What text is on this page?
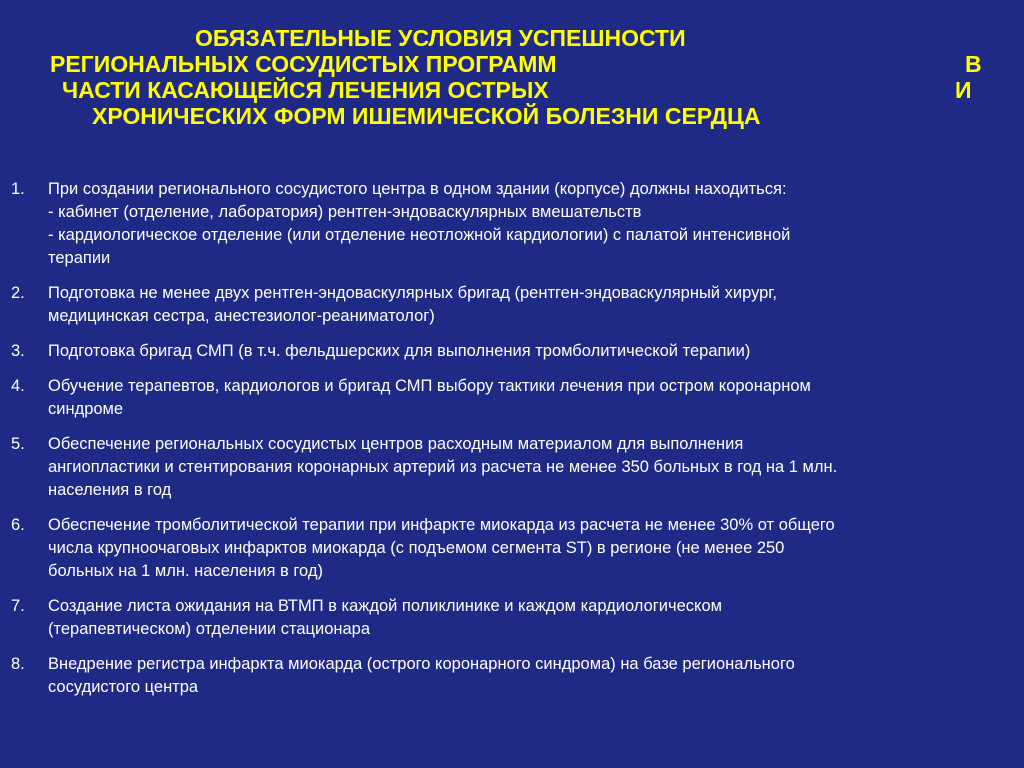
ОБЯЗАТЕЛЬНЫЕ УСЛОВИЯ УСПЕШНОСТИ
РЕГИОНАЛЬНЫХ СОСУДИСТЫХ ПРОГРАММ	В
ЧАСТИ КАСАЮЩЕЙСЯ ЛЕЧЕНИЯ ОСТРЫХ	И
ХРОНИЧЕСКИХ ФОРМ ИШЕМИЧЕСКОЙ БОЛЕЗНИ СЕРДЦА
1. При создании регионального сосудистого центра в одном здании (корпусе) должны находиться:
- кабинет (отделение, лаборатория) рентген-эндоваскулярных вмешательств
- кардиологическое отделение (или отделение неотложной кардиологии) с палатой интенсивной
терапии
2. Подготовка не менее двух рентген-эндоваскулярных бригад (рентген-эндоваскулярный хирург,
медицинская сестра, анестезиолог-реаниматолог)
3. Подготовка бригад СМП (в т.ч. фельдшерских для выполнения тромболитической терапии)
4. Обучение терапевтов, кардиологов и бригад СМП выбору тактики лечения при остром коронарном
синдроме
5. Обеспечение региональных сосудистых центров расходным материалом для выполнения
ангиопластики и стентирования коронарных артерий из расчета не менее 350 больных в год на 1 млн.
населения в год
6. Обеспечение тромболитической терапии при инфаркте миокарда из расчета не менее 30% от общего
числа крупноочаговых инфарктов миокарда (с подъемом сегмента ST) в регионе (не менее 250
больных на 1 млн. населения в год)
7. Создание листа ожидания на ВТМП в каждой поликлинике и каждом кардиологическом
(терапевтическом) отделении стационара
8. Внедрение регистра инфаркта миокарда (острого коронарного синдрома) на базе регионального
сосудистого центра
